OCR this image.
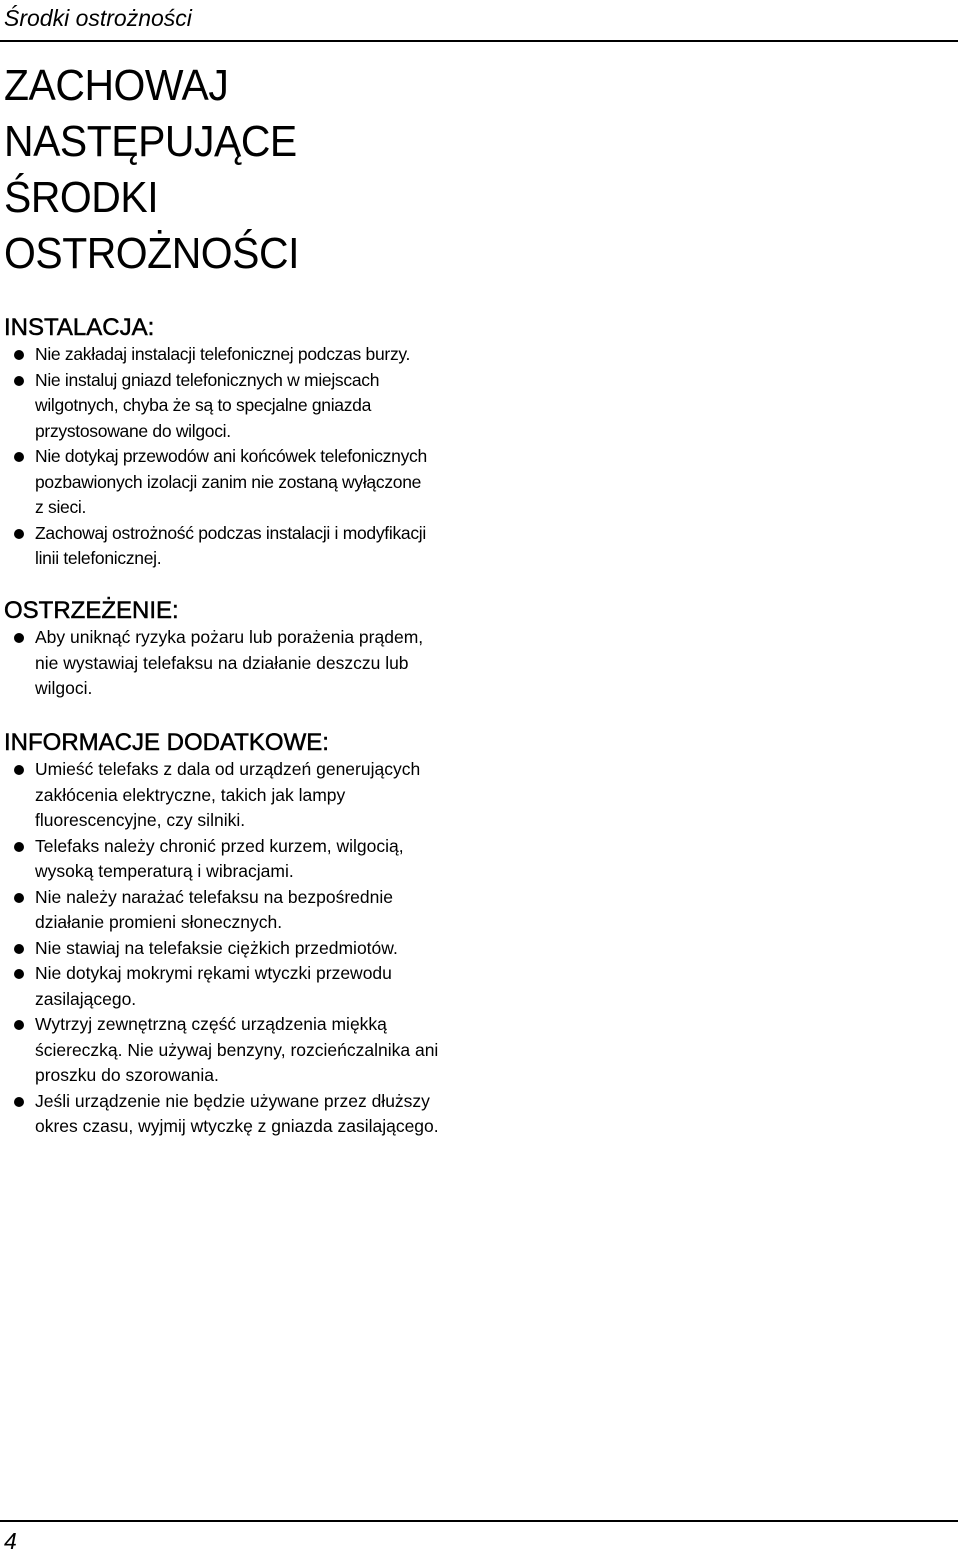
Środki ostrożności
ZACHOWAJ
NASTĘPUJĄCE
ŚRODKI
OSTROŻNOŚCI
INSTALACJA:
Nie zakładaj instalacji telefonicznej podczas burzy.
Nie instaluj gniazd telefonicznych w miejscach
wilgotnych, chyba że są to specjalne gniazda
przystosowane do wilgoci.
Nie dotykaj przewodów ani końcówek telefonicznych
pozbawionych izolacji zanim nie zostaną wyłączone
z sieci.
Zachowaj ostrożność podczas instalacji i modyfikacji
linii telefonicznej.
OSTRZEŻENIE:
Aby uniknąć ryzyka pożaru lub porażenia prądem,
nie wystawiaj telefaksu na działanie deszczu lub
wilgoci.
INFORMACJE DODATKOWE:
Umieść telefaks z dala od urządzeń generujących
zakłócenia elektryczne, takich jak lampy
fluorescencyjne, czy silniki.
Telefaks należy chronić przed kurzem, wilgocią,
wysoką temperaturą i wibracjami.
Nie należy narażać telefaksu na bezpośrednie
działanie promieni słonecznych.
Nie stawiaj na telefaksie ciężkich przedmiotów.
Nie dotykaj mokrymi rękami wtyczki przewodu
zasilającego.
Wytrzyj zewnętrzną część urządzenia miękką
ściereczką. Nie używaj benzyny, rozcieńczalnika ani
proszku do szorowania.
Jeśli urządzenie nie będzie używane przez dłuższy
okres czasu, wyjmij wtyczkę z gniazda zasilającego.
4
